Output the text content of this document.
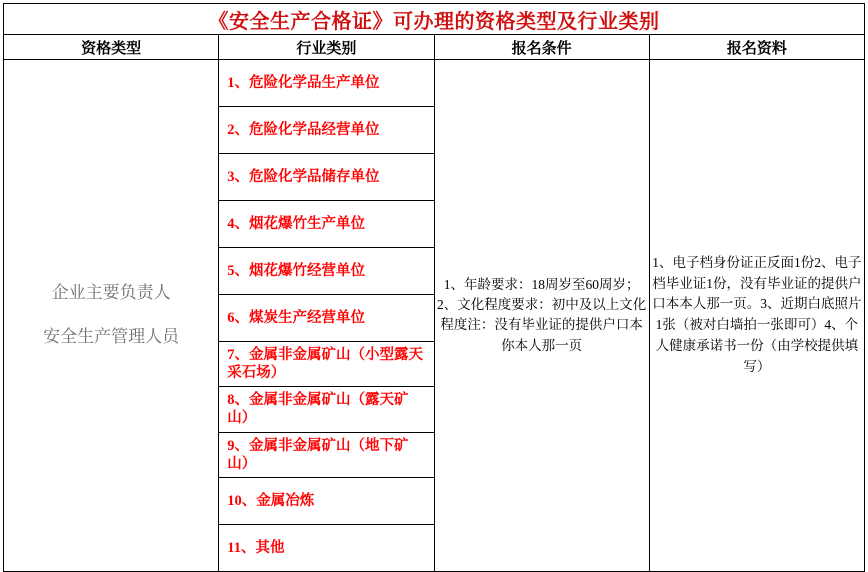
《安全生产合格证》可办理的资格类型及行业类别
资格类型	行业类别	报名条件	报名资料

企业主要负责人
安全生产管理人员

1、危险化学品生产单位
2、危险化学品经营单位
3、危险化学品储存单位
4、烟花爆竹生产单位
5、烟花爆竹经营单位
6、煤炭生产经营单位
7、金属非金属矿山（小型露天采石场）
8、金属非金属矿山（露天矿山）
9、金属非金属矿山（地下矿山）
10、金属冶炼
11、其他

1、年龄要求：18周岁至60周岁；2、文化程度要求：初中及以上文化程度注：没有毕业证的提供户口本你本人那一页

1、电子档身份证正反面1份2、电子档毕业证1份，没有毕业证的提供户口本本人那一页。3、近期白底照片1张（被对白墙拍一张即可）4、个人健康承诺书一份（由学校提供填写）
